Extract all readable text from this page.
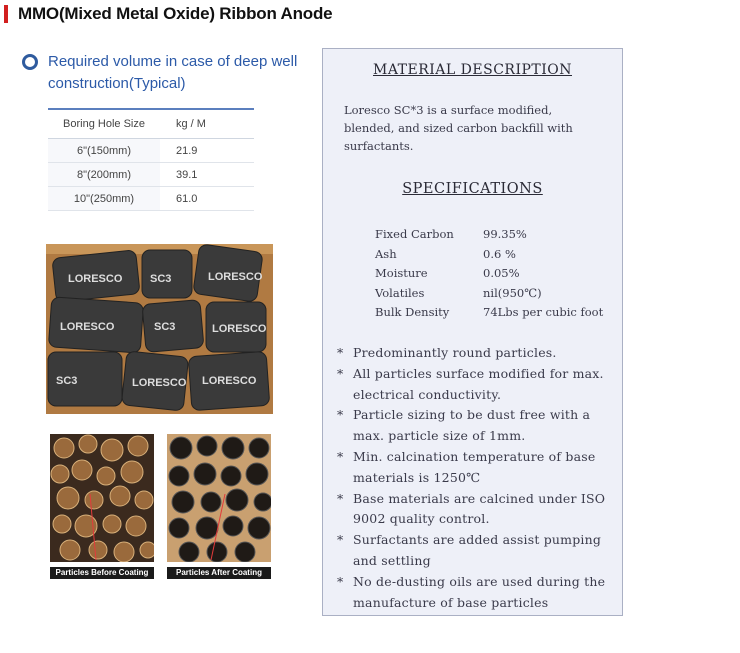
MMO(Mixed Metal Oxide) Ribbon Anode
Required volume in case of deep well construction(Typical)
Boring Hole Size	kg / M
6"(150mm)	21.9
8"(200mm)	39.1
10"(250mm)	61.0
LORESCO	SC3	LORESCO
LORESCO	SC3	LORESCO
SC3	LORESCO LORESCO
Particles Before Coating	Particles After Coating
MATERIAL DESCRIPTION
Loresco SC*3 is a surface modified, blended, and sized carbon backfill with surfactants.
SPECIFICATIONS
Fixed Carbon	99.35%
Ash	0.6 %
Moisture	0.05%
Volatiles	nil(950℃)
Bulk Density	74Lbs per cubic foot
* Predominantly round particles.
* All particles surface modified for max. electrical conductivity.
* Particle sizing to be dust free with a max. particle size of 1mm.
* Min. calcination temperature of base materials is 1250℃
* Base materials are calcined under ISO 9002 quality control.
* Surfactants are added assist pumping and settling
* No de-dusting oils are used during the manufacture of base particles
